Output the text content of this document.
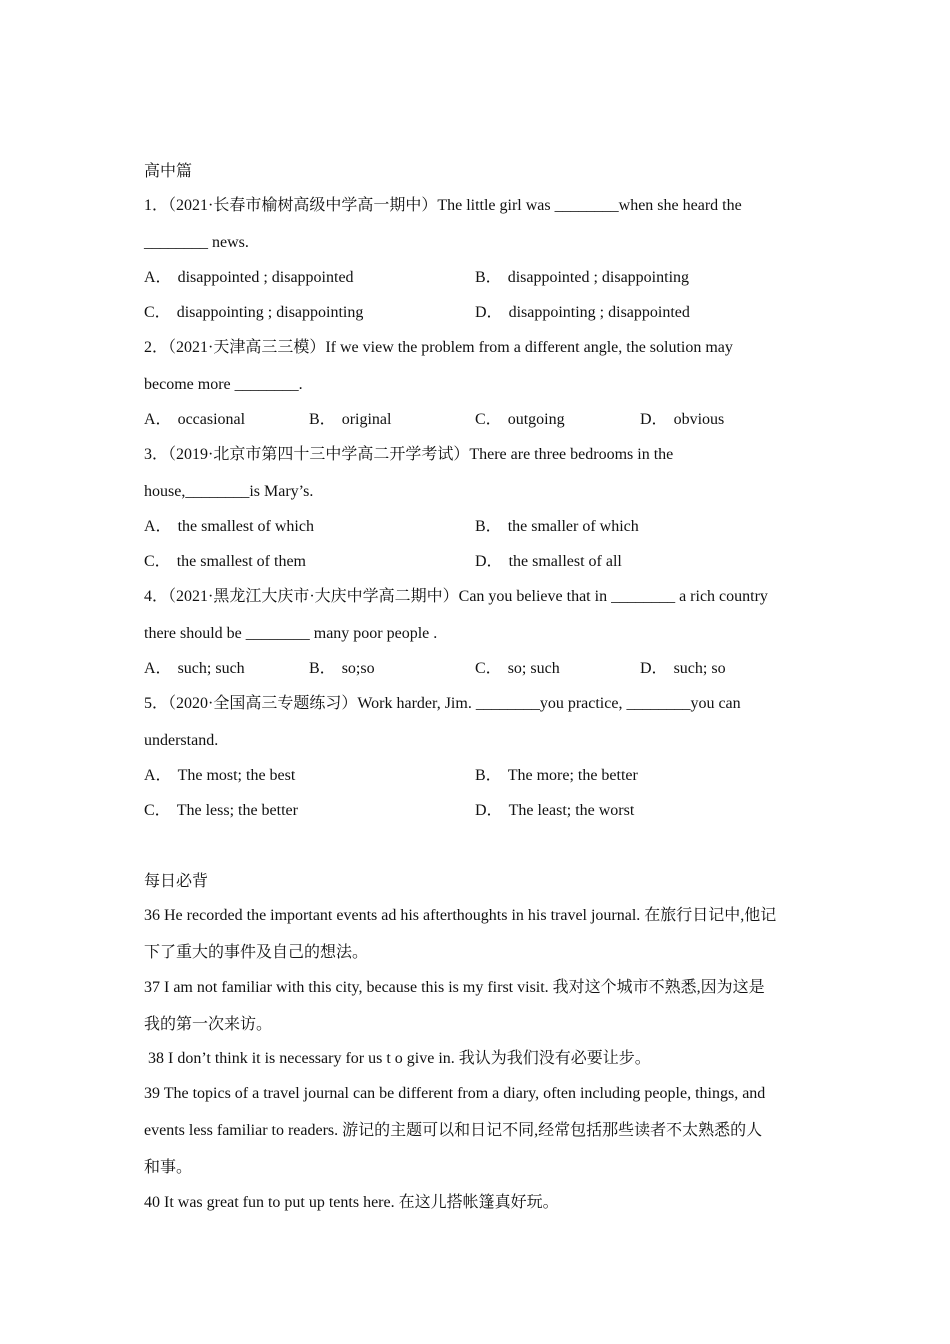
高中篇
1．（2021·长春市榆树高级中学高一期中）The little girl was ________when she heard the
________ news.
A． disappointed ; disappointed	B． disappointed ; disappointing
C． disappointing ; disappointing	D． disappointing ; disappointed
2．（2021·天津高三三模）If we view the problem from a different angle, the solution may
become more ________.
A． occasional	B． original	C． outgoing	D． obvious
3．（2019·北京市第四十三中学高二开学考试）There are three bedrooms in the
house,________is Mary’s.
A． the smallest of which	B． the smaller of which
C． the smallest of them	D． the smallest of all
4．（2021·黑龙江大庆市·大庆中学高二期中）Can you believe that in ________ a rich country
there should be ________ many poor people .
A． such; such	B． so;so	C． so; such	D． such; so
5．（2020·全国高三专题练习）Work harder, Jim. ________you practice, ________you can
understand.
A． The most; the best	B． The more; the better
C． The less; the better	D． The least; the worst
每日必背
36 He recorded the important events ad his afterthoughts in his travel journal. 在旅行日记中,他记
下了重大的事件及自己的想法。
37 I am not familiar with this city, because this is my first visit. 我对这个城市不熟悉,因为这是
我的第一次来访。
38 I don’t think it is necessary for us t o give in. 我认为我们没有必要让步。
39 The topics of a travel journal can be different from a diary, often including people, things, and
events less familiar to readers. 游记的主题可以和日记不同,经常包括那些读者不太熟悉的人
和事。
40 It was great fun to put up tents here. 在这儿搭帐篷真好玩。
